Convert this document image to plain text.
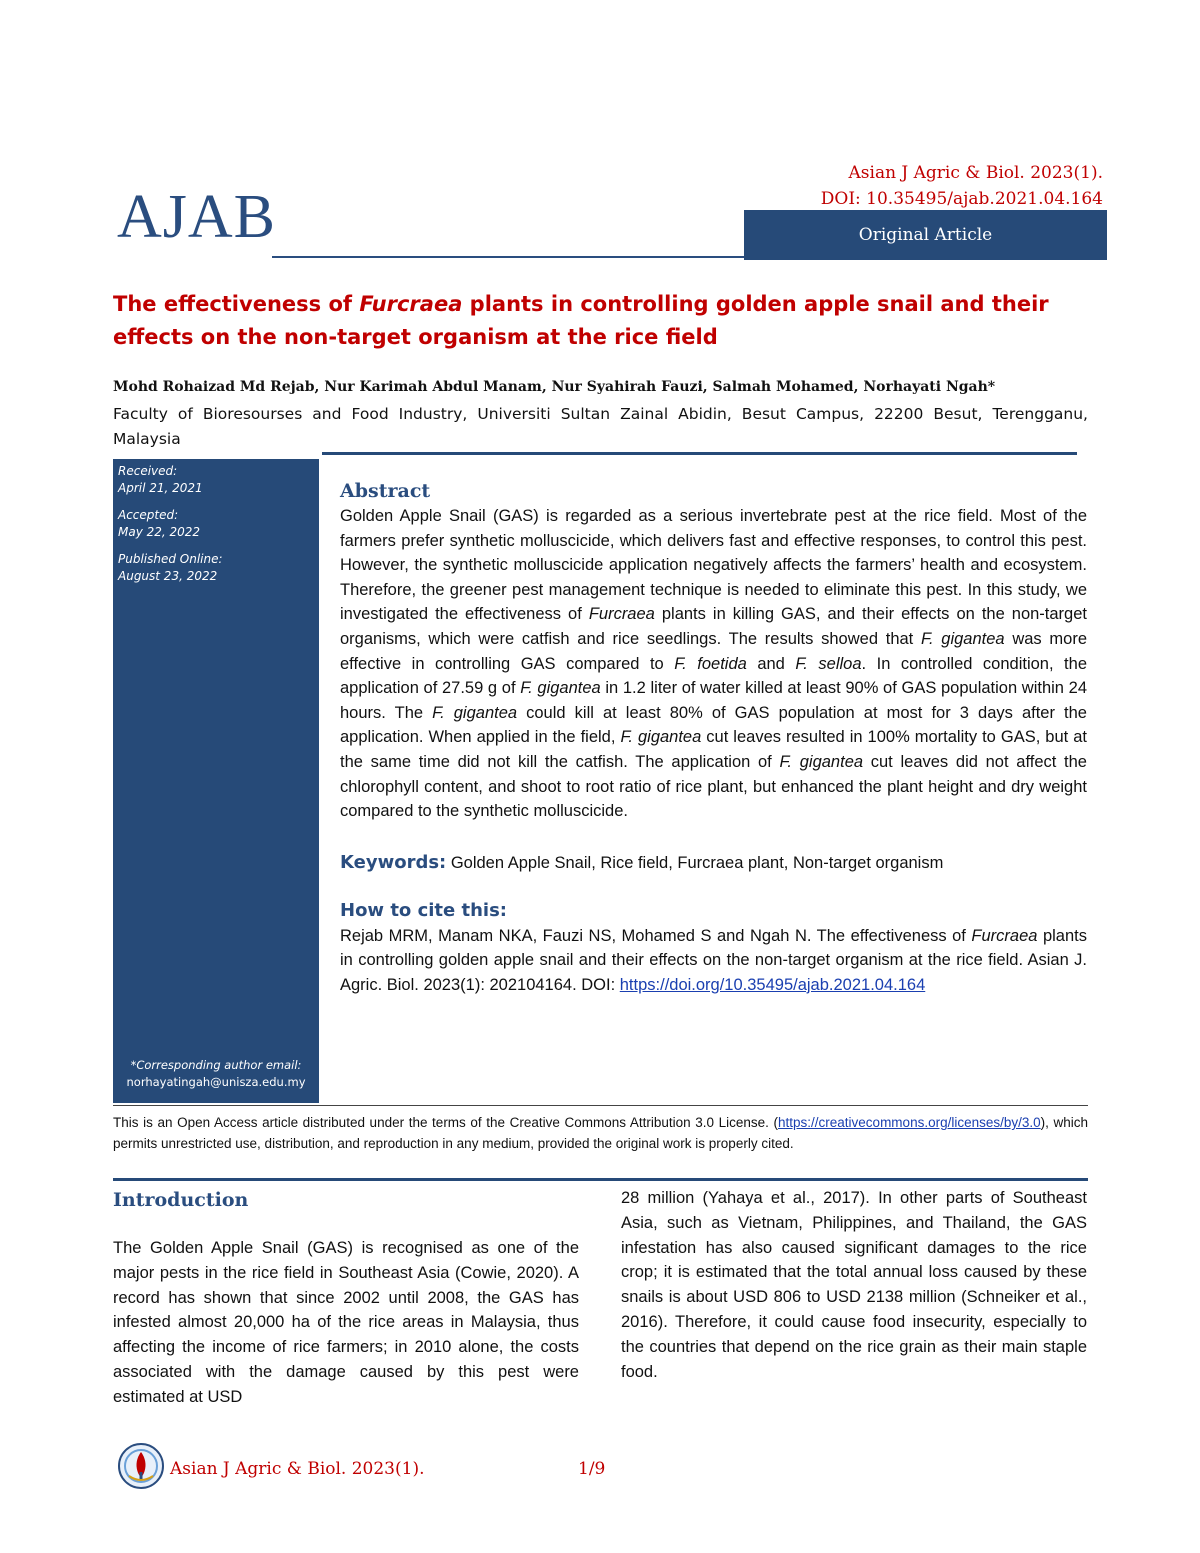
Asian J Agric & Biol. 2023(1).
DOI: 10.35495/ajab.2021.04.164
AJAB	Original Article
The effectiveness of Furcraea plants in controlling golden apple snail and their effects on the non-target organism at the rice field
Mohd Rohaizad Md Rejab, Nur Karimah Abdul Manam, Nur Syahirah Fauzi, Salmah Mohamed, Norhayati Ngah*
Faculty of Bioresourses and Food Industry, Universiti Sultan Zainal Abidin, Besut Campus, 22200 Besut, Terengganu, Malaysia
Received:
April 21, 2021
Accepted:
May 22, 2022
Published Online:
August 23, 2022
*Corresponding author email:
norhayatingah@unisza.edu.my
Abstract

Golden Apple Snail (GAS) is regarded as a serious invertebrate pest at the rice field. Most of the farmers prefer synthetic molluscicide, which delivers fast and effective responses, to control this pest. However, the synthetic molluscicide application negatively affects the farmers’ health and ecosystem. Therefore, the greener pest management technique is needed to eliminate this pest. In this study, we investigated the effectiveness of Furcraea plants in killing GAS, and their effects on the non-target organisms, which were catfish and rice seedlings. The results showed that F. gigantea was more effective in controlling GAS compared to F. foetida and F. selloa. In controlled condition, the application of 27.59 g of F. gigantea in 1.2 liter of water killed at least 90% of GAS population within 24 hours. The F. gigantea could kill at least 80% of GAS population at most for 3 days after the application. When applied in the field, F. gigantea cut leaves resulted in 100% mortality to GAS, but at the same time did not kill the catfish. The application of F. gigantea cut leaves did not affect the chlorophyll content, and shoot to root ratio of rice plant, but enhanced the plant height and dry weight compared to the synthetic molluscicide.

Keywords: Golden Apple Snail, Rice field, Furcraea plant, Non-target organism
How to cite this:

Rejab MRM, Manam NKA, Fauzi NS, Mohamed S and Ngah N. The effectiveness of Furcraea plants in controlling golden apple snail and their effects on the non-target organism at the rice field. Asian J. Agric. Biol. 2023(1): 202104164. DOI: https://doi.org/10.35495/ajab.2021.04.164

This is an Open Access article distributed under the terms of the Creative Commons Attribution 3.0 License. (https://creativecommons.org/licenses/by/3.0), which permits unrestricted use, distribution, and reproduction in any medium, provided the original work is properly cited.
Introduction

The Golden Apple Snail (GAS) is recognised as one of the major pests in the rice field in Southeast Asia (Cowie, 2020). A record has shown that since 2002 until 2008, the GAS has infested almost 20,000 ha of the rice areas in Malaysia, thus affecting the income of rice farmers; in 2010 alone, the costs associated with the damage caused by this pest were estimated at USD

28 million (Yahaya et al., 2017). In other parts of Southeast Asia, such as Vietnam, Philippines, and Thailand, the GAS infestation has also caused significant damages to the rice crop; it is estimated that the total annual loss caused by these snails is about USD 806 to USD 2138 million (Schneiker et al., 2016). Therefore, it could cause food insecurity, especially to the countries that depend on the rice grain as their main staple food.

Asian J Agric & Biol. 2023(1).	1/9
